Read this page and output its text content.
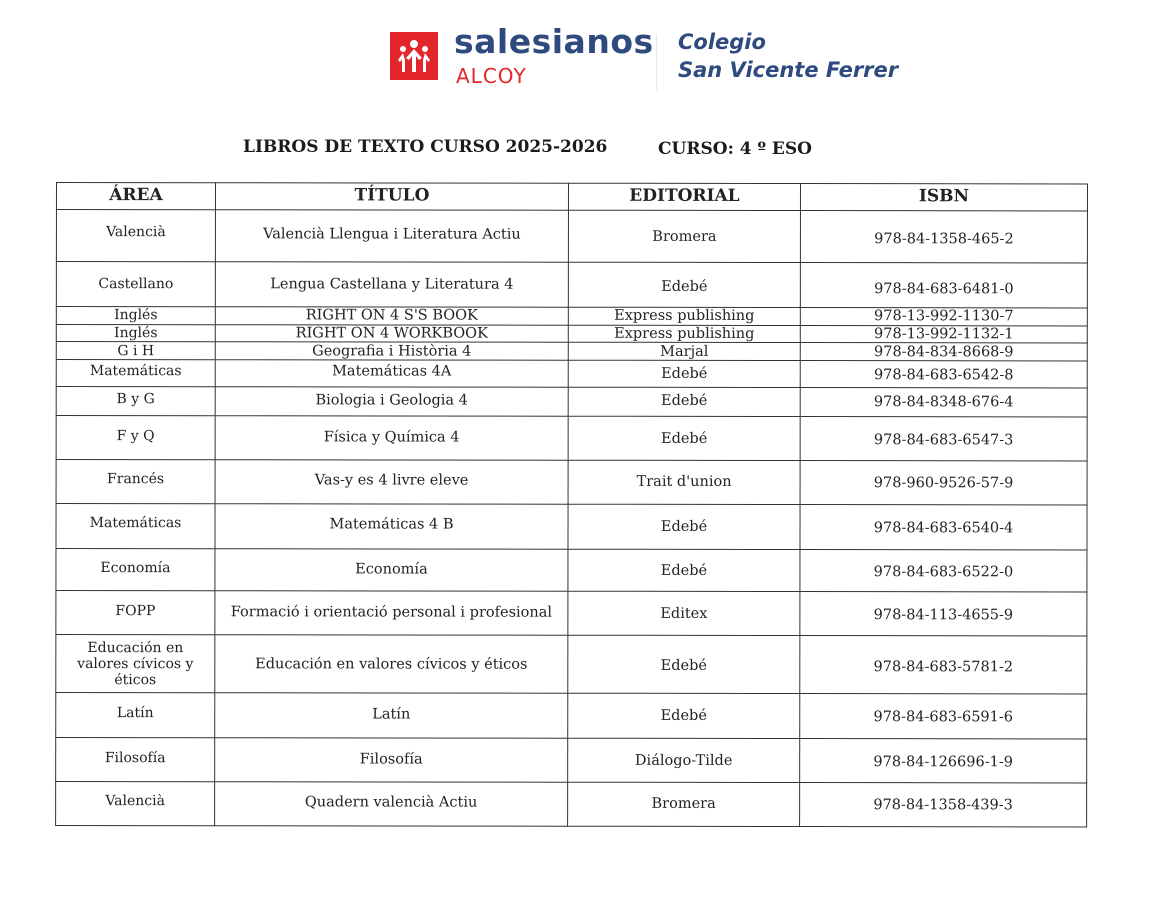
salesianos
ALCOY
Colegio
San Vicente Ferrer
LIBROS DE TEXTO CURSO 2025-2026	CURSO: 4 º ESO
ÁREA	TÍTULO	EDITORIAL	ISBN
Valencià	Valencià Llengua i Literatura Actiu	Bromera	978-84-1358-465-2
Castellano	Lengua Castellana y Literatura 4	Edebé	978-84-683-6481-0
Inglés	RIGHT ON 4 S'S BOOK	Express publishing	978-13-992-1130-7
Inglés	RIGHT ON 4 WORKBOOK	Express publishing	978-13-992-1132-1
G i H	Geografia i Història 4	Marjal	978-84-834-8668-9
Matemáticas	Matemáticas 4A	Edebé	978-84-683-6542-8
B y G	Biologia i Geologia 4	Edebé	978-84-8348-676-4
F y Q	Física y Química 4	Edebé	978-84-683-6547-3
Francés	Vas-y es 4 livre eleve	Trait d'union	978-960-9526-57-9
Matemáticas	Matemáticas 4 B	Edebé	978-84-683-6540-4
Economía	Economía	Edebé	978-84-683-6522-0
FOPP	Formació i orientació personal i profesional	Editex	978-84-113-4655-9
Educación en valores cívicos y éticos	Educación en valores cívicos y éticos	Edebé	978-84-683-5781-2
Latín	Latín	Edebé	978-84-683-6591-6
Filosofía	Filosofía	Diálogo-Tilde	978-84-126696-1-9
Valencià	Quadern valencià Actiu	Bromera	978-84-1358-439-3
